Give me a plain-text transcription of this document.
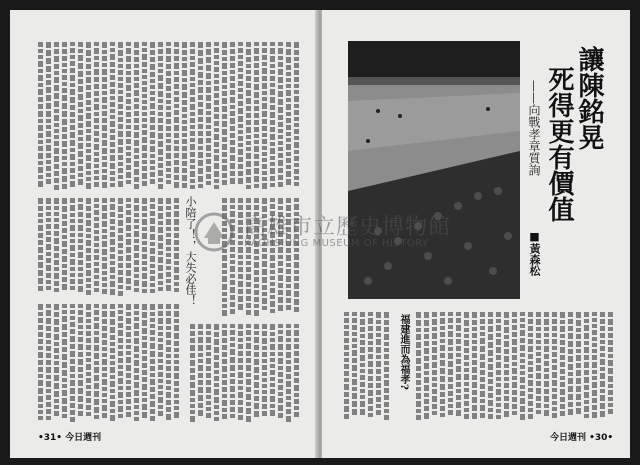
小陪了！，大失必佳！
•31• 今日週刊
讓陳銘晃
死得更有價值
——向戰孝章質詢
■黃森松
福建進而為福孝?
今日週刊 •30•
高雄市立歷史博物館
KAOHSIUNG MUSEUM OF HISTORY
